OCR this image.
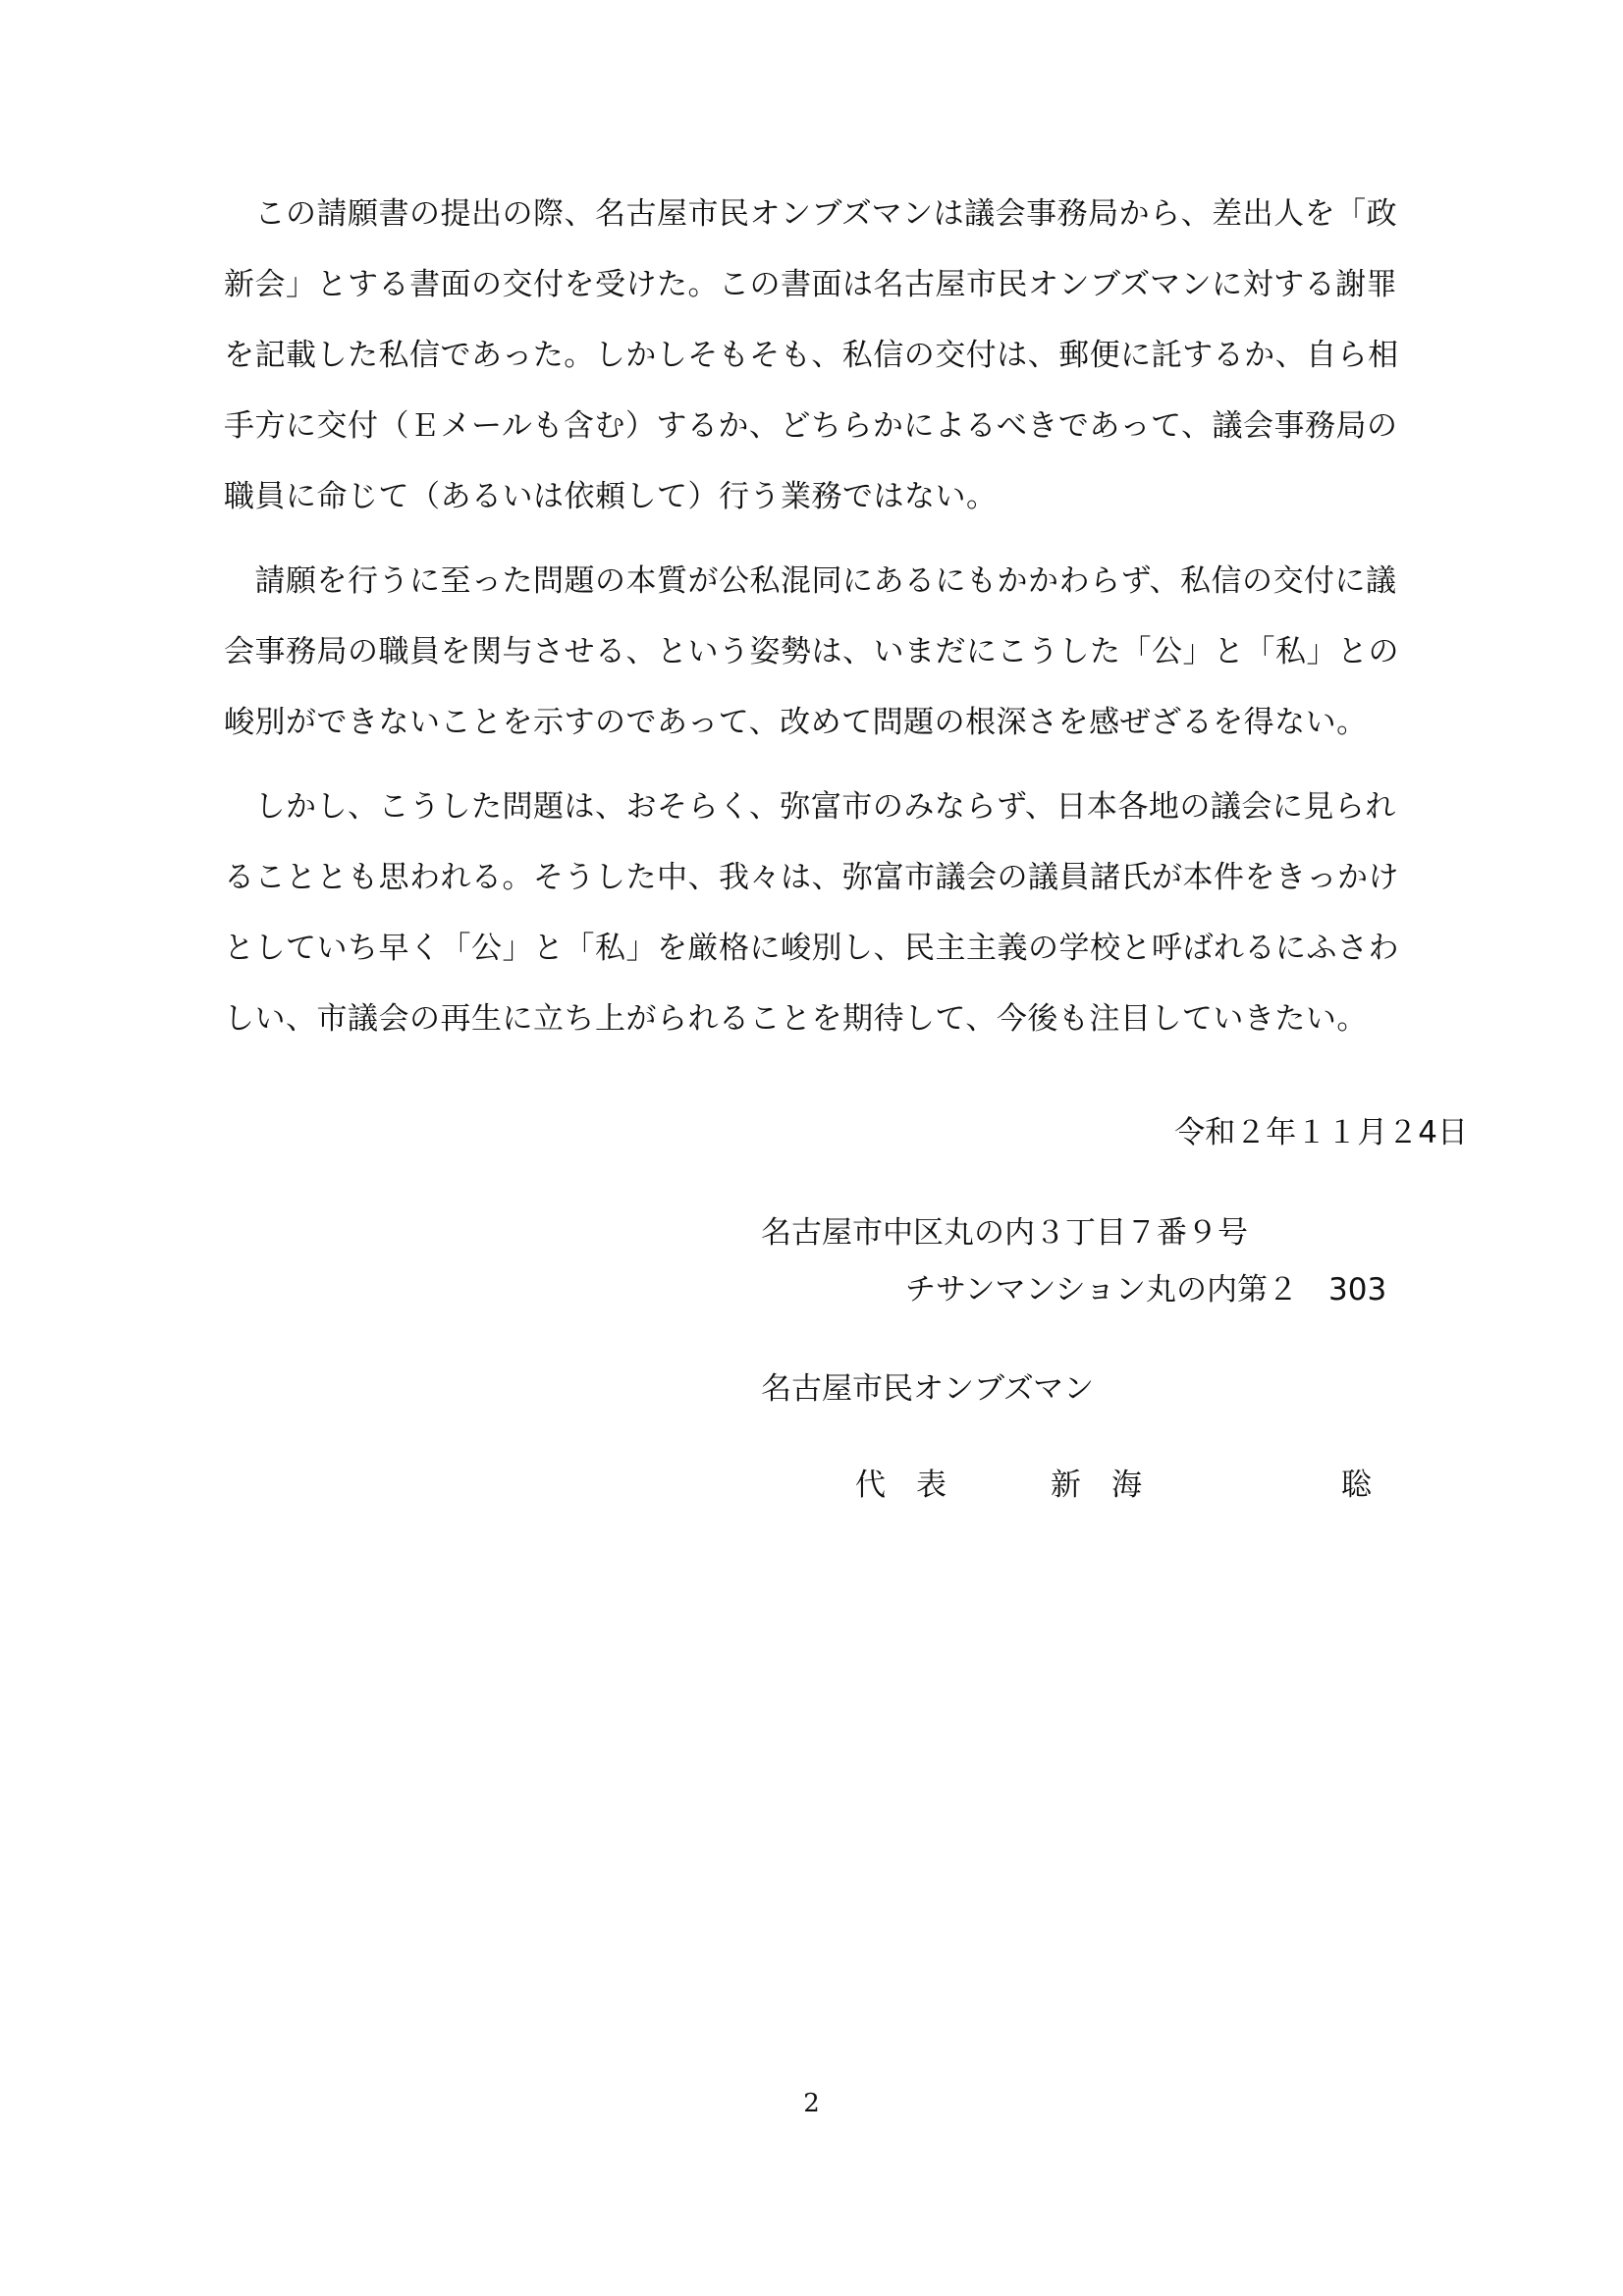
　この請願書の提出の際、名古屋市民オンブズマンは議会事務局から、差出人を「政
新会」とする書面の交付を受けた。この書面は名古屋市民オンブズマンに対する謝罪
を記載した私信であった。しかしそもそも、私信の交付は、郵便に託するか、自ら相
手方に交付（Ｅメールも含む）するか、どちらかによるべきであって、議会事務局の
職員に命じて（あるいは依頼して）行う業務ではない。
　請願を行うに至った問題の本質が公私混同にあるにもかかわらず、私信の交付に議
会事務局の職員を関与させる、という姿勢は、いまだにこうした「公」と「私」との
峻別ができないことを示すのであって、改めて問題の根深さを感ぜざるを得ない。
　しかし、こうした問題は、おそらく、弥富市のみならず、日本各地の議会に見られ
ることとも思われる。そうした中、我々は、弥富市議会の議員諸氏が本件をきっかけ
としていち早く「公」と「私」を厳格に峻別し、民主主義の学校と呼ばれるにふさわ
しい、市議会の再生に立ち上がられることを期待して、今後も注目していきたい。
令和２年１１月２4日
名古屋市中区丸の内３丁目７番９号
チサンマンション丸の内第２　303
名古屋市民オンブズマン
代　表	新　海	聡
2
